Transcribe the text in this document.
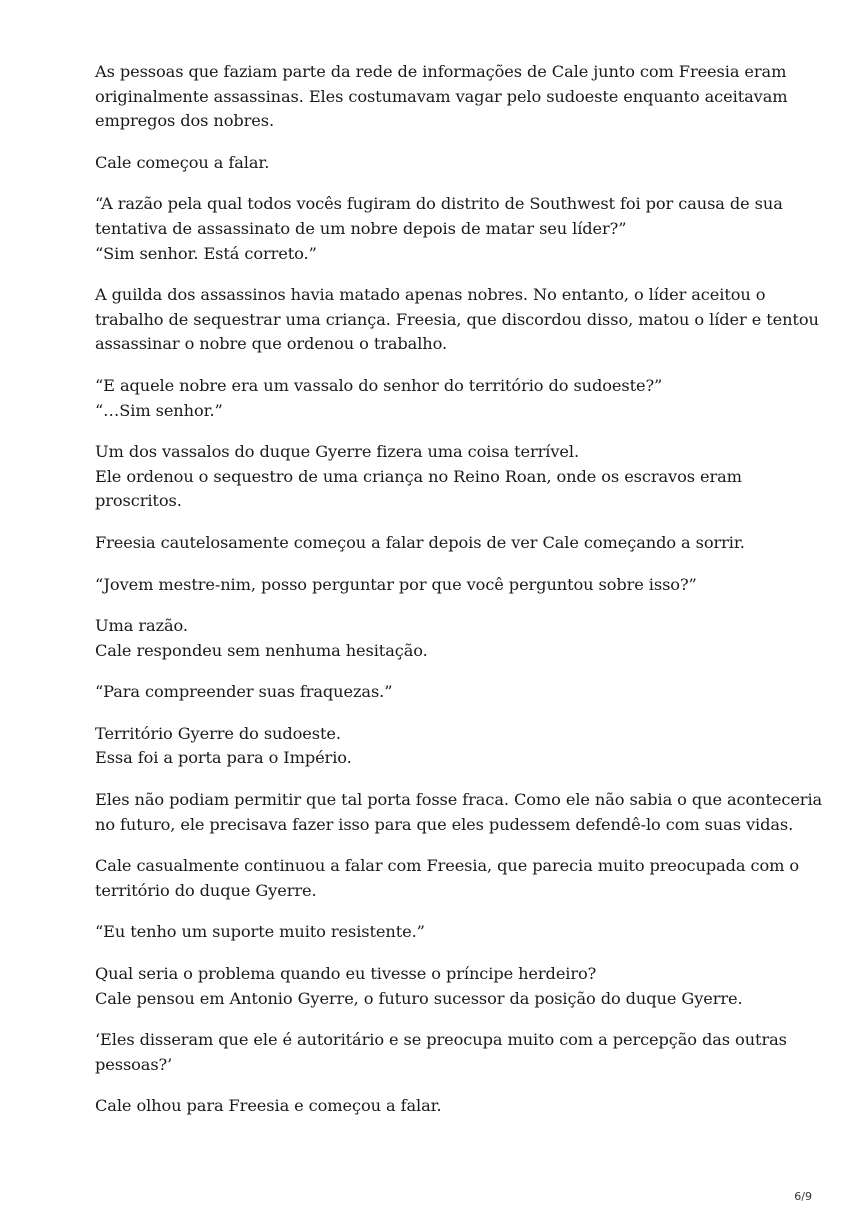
As pessoas que faziam parte da rede de informações de Cale junto com Freesia eram
originalmente assassinas. Eles costumavam vagar pelo sudoeste enquanto aceitavam
empregos dos nobres.

Cale começou a falar.

“A razão pela qual todos vocês fugiram do distrito de Southwest foi por causa de sua
tentativa de assassinato de um nobre depois de matar seu líder?”
“Sim senhor. Está correto.”

A guilda dos assassinos havia matado apenas nobres. No entanto, o líder aceitou o
trabalho de sequestrar uma criança. Freesia, que discordou disso, matou o líder e tentou
assassinar o nobre que ordenou o trabalho.

“E aquele nobre era um vassalo do senhor do território do sudoeste?”
“…Sim senhor.”

Um dos vassalos do duque Gyerre fizera uma coisa terrível.
Ele ordenou o sequestro de uma criança no Reino Roan, onde os escravos eram
proscritos.

Freesia cautelosamente começou a falar depois de ver Cale começando a sorrir.

“Jovem mestre-nim, posso perguntar por que você perguntou sobre isso?”

Uma razão.
Cale respondeu sem nenhuma hesitação.

“Para compreender suas fraquezas.”

Território Gyerre do sudoeste.
Essa foi a porta para o Império.

Eles não podiam permitir que tal porta fosse fraca. Como ele não sabia o que aconteceria
no futuro, ele precisava fazer isso para que eles pudessem defendê-lo com suas vidas.

Cale casualmente continuou a falar com Freesia, que parecia muito preocupada com o
território do duque Gyerre.

“Eu tenho um suporte muito resistente.”

Qual seria o problema quando eu tivesse o príncipe herdeiro?
Cale pensou em Antonio Gyerre, o futuro sucessor da posição do duque Gyerre.

‘Eles disseram que ele é autoritário e se preocupa muito com a percepção das outras
pessoas?’

Cale olhou para Freesia e começou a falar.

6/9
